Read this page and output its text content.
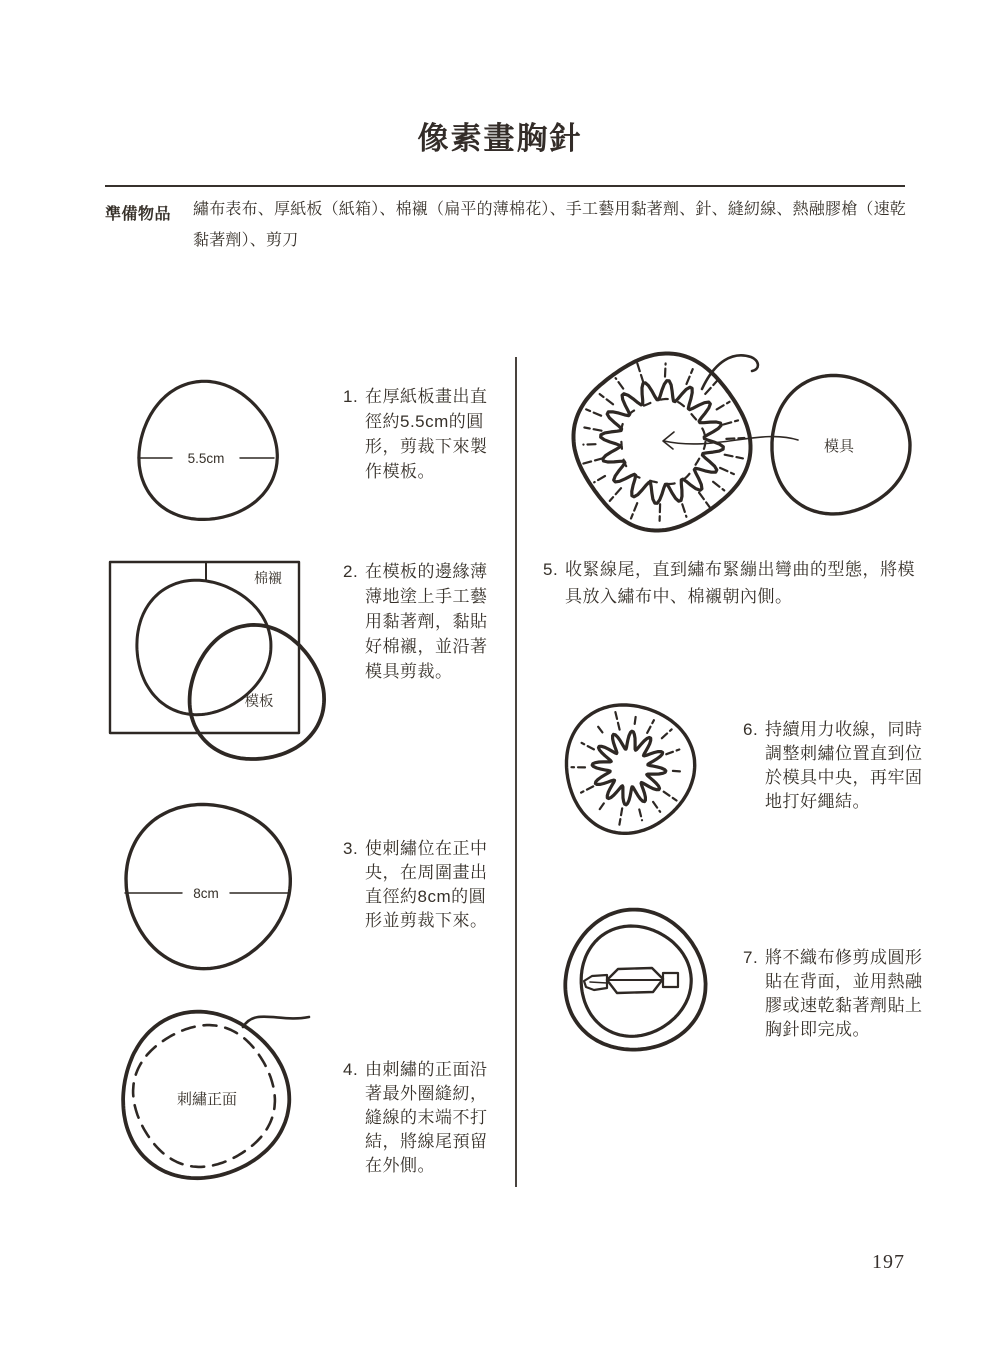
像素畫胸針
準備物品 繡布表布、厚紙板（紙箱）、棉襯（扁平的薄棉花）、手工藝用黏著劑、針、縫紉線、熱融膠槍（速乾黏著劑）、剪刀
5.5cm
1. 在厚紙板畫出直徑約5.5cm的圓形，剪裁下來製作模板。
棉襯
模板
2. 在模板的邊緣薄薄地塗上手工藝用黏著劑，黏貼好棉襯，並沿著模具剪裁。
8cm
3. 使刺繡位在正中央，在周圍畫出直徑約8cm的圓形並剪裁下來。
刺繡正面
4. 由刺繡的正面沿著最外圈縫紉，縫線的末端不打結，將線尾預留在外側。
模具
5. 收緊線尾，直到繡布緊繃出彎曲的型態，將模具放入繡布中、棉襯朝內側。
6. 持續用力收線，同時調整刺繡位置直到位於模具中央，再牢固地打好繩結。
7. 將不織布修剪成圓形貼在背面，並用熱融膠或速乾黏著劑貼上胸針即完成。
197
